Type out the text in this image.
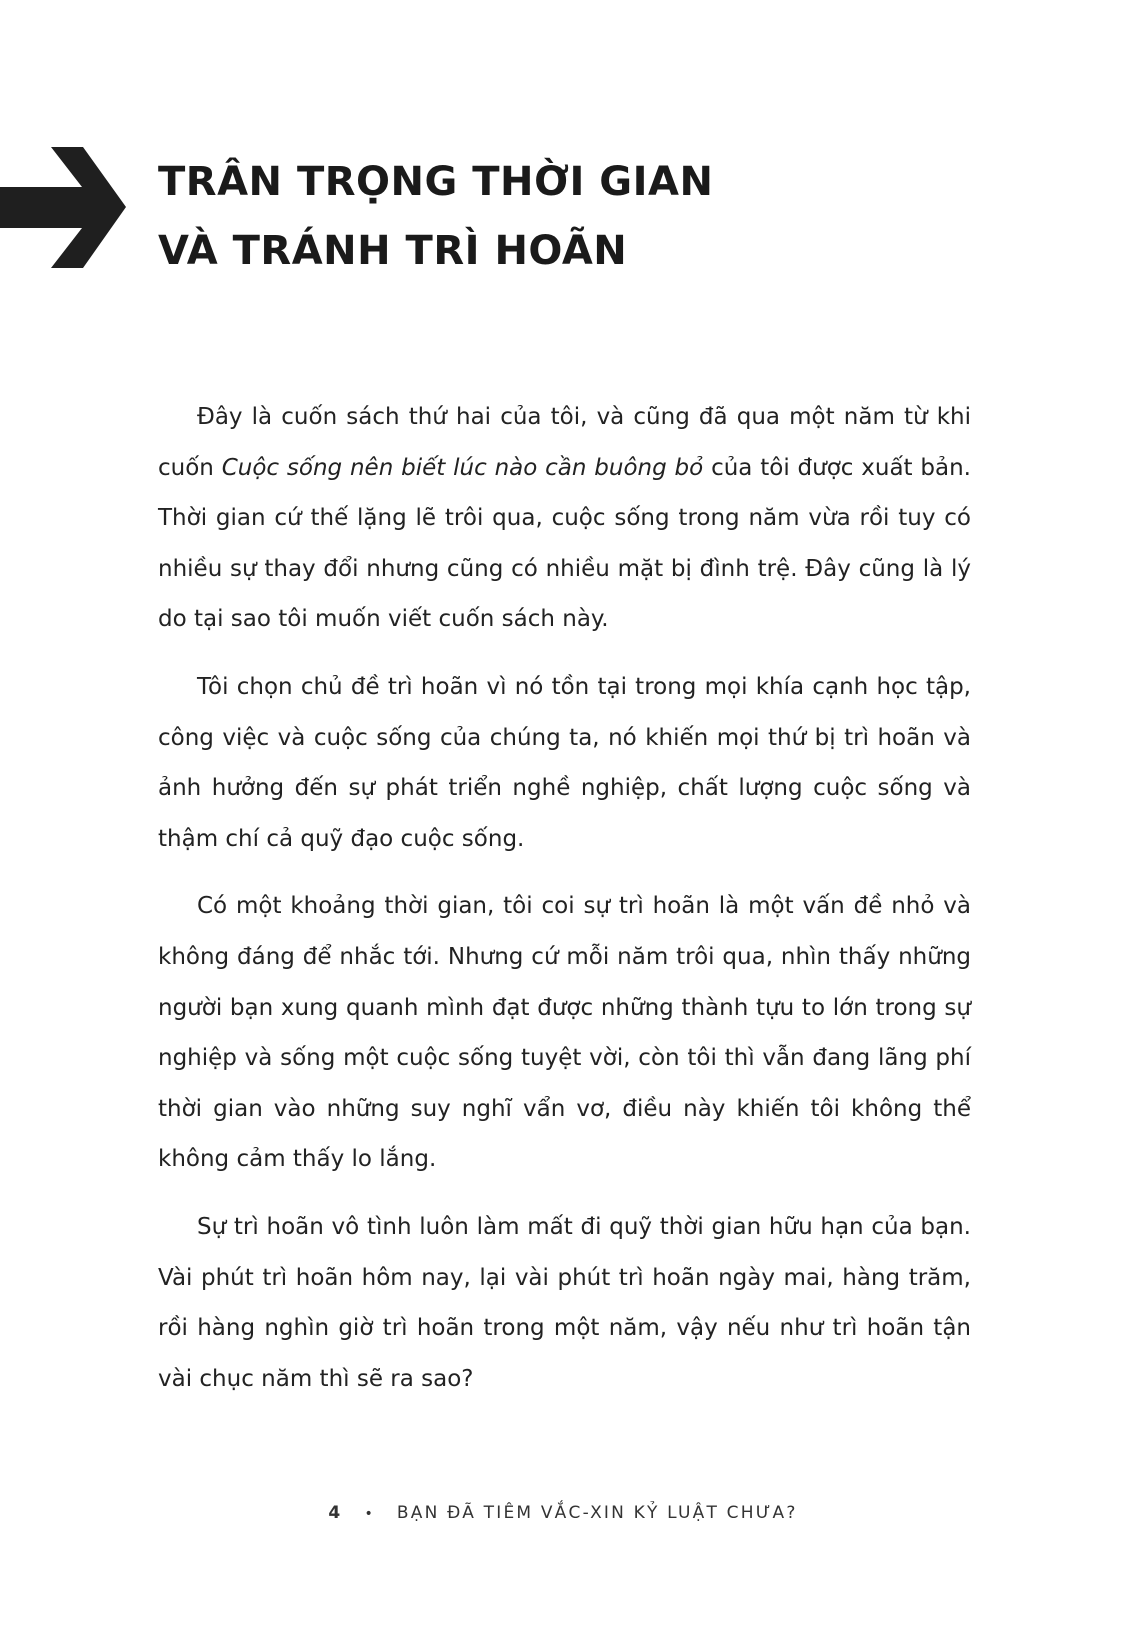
TRÂN TRỌNG THỜI GIAN
VÀ TRÁNH TRÌ HOÃN

Đây là cuốn sách thứ hai của tôi, và cũng đã qua một năm từ khi cuốn Cuộc sống nên biết lúc nào cần buông bỏ của tôi được xuất bản. Thời gian cứ thế lặng lẽ trôi qua, cuộc sống trong năm vừa rồi tuy có nhiều sự thay đổi nhưng cũng có nhiều mặt bị đình trệ. Đây cũng là lý do tại sao tôi muốn viết cuốn sách này.

Tôi chọn chủ đề trì hoãn vì nó tồn tại trong mọi khía cạnh học tập, công việc và cuộc sống của chúng ta, nó khiến mọi thứ bị trì hoãn và ảnh hưởng đến sự phát triển nghề nghiệp, chất lượng cuộc sống và thậm chí cả quỹ đạo cuộc sống.

Có một khoảng thời gian, tôi coi sự trì hoãn là một vấn đề nhỏ và không đáng để nhắc tới. Nhưng cứ mỗi năm trôi qua, nhìn thấy những người bạn xung quanh mình đạt được những thành tựu to lớn trong sự nghiệp và sống một cuộc sống tuyệt vời, còn tôi thì vẫn đang lãng phí thời gian vào những suy nghĩ vẩn vơ, điều này khiến tôi không thể không cảm thấy lo lắng.

Sự trì hoãn vô tình luôn làm mất đi quỹ thời gian hữu hạn của bạn. Vài phút trì hoãn hôm nay, lại vài phút trì hoãn ngày mai, hàng trăm, rồi hàng nghìn giờ trì hoãn trong một năm, vậy nếu như trì hoãn tận vài chục năm thì sẽ ra sao?

4 • BẠN ĐÃ TIÊM VẮC-XIN KỶ LUẬT CHƯA?
